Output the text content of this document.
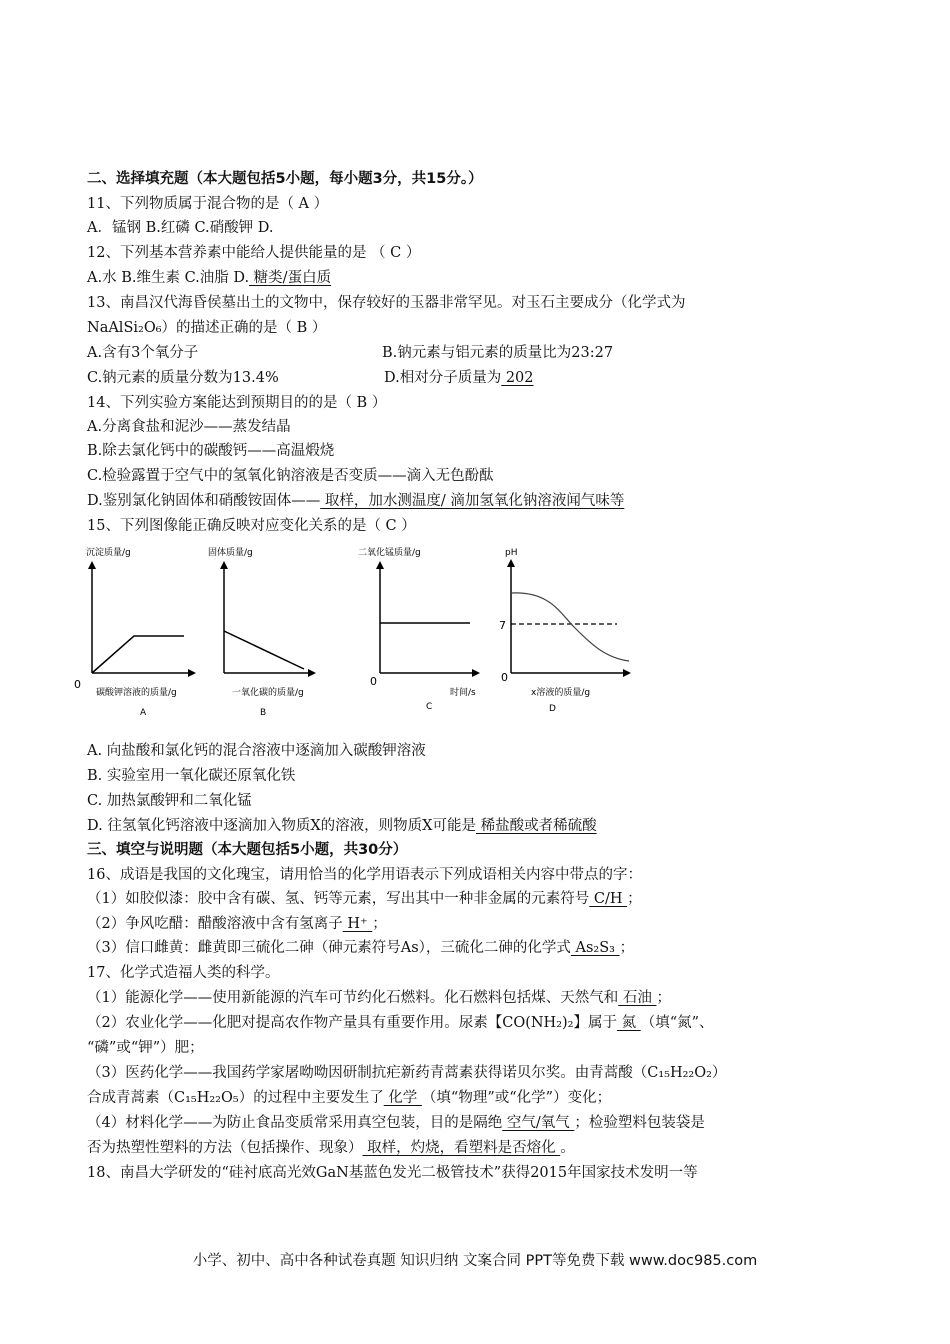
二、选择填充题（本大题包括5小题，每小题3分，共15分。）
11、下列物质属于混合物的是（ A ）
A．锰钢 B.红磷 C.硝酸钾 D.
12、下列基本营养素中能给人提供能量的是 （ C ）
A.水 B.维生素 C.油脂 D. 糖类/蛋白质
13、南昌汉代海昏侯墓出土的文物中，保存较好的玉器非常罕见。对玉石主要成分（化学式为
NaAlSi₂O₆）的描述正确的是（ B ）
A.含有3个氧分子	B.钠元素与铝元素的质量比为23:27
C.钠元素的质量分数为13.4%	D.相对分子质量为 202
14、下列实验方案能达到预期目的的是（ B ）
A.分离食盐和泥沙——蒸发结晶
B.除去氯化钙中的碳酸钙——高温煅烧
C.检验露置于空气中的氢氧化钠溶液是否变质——滴入无色酚酞
D.鉴别氯化钠固体和硝酸铵固体—— 取样，加水测温度/ 滴加氢氧化钠溶液闻气味等
15、下列图像能正确反映对应变化关系的是（ C ）
沉淀质量/g
0
碳酸钾溶液的质量/g
A
固体质量/g
一氧化碳的质量/g
B
二氧化锰质量/g
0
时间/s
C
pH
7
0
x溶液的质量/g
D
A. 向盐酸和氯化钙的混合溶液中逐滴加入碳酸钾溶液
B. 实验室用一氧化碳还原氧化铁
C. 加热氯酸钾和二氧化锰
D. 往氢氧化钙溶液中逐滴加入物质X的溶液，则物质X可能是 稀盐酸或者稀硫酸
三、填空与说明题（本大题包括5小题，共30分）
16、成语是我国的文化瑰宝，请用恰当的化学用语表示下列成语相关内容中带点的字：
（1）如胶似漆：胶中含有碳、氢、钙等元素，写出其中一种非金属的元素符号 C/H ；
（2）争风吃醋：醋酸溶液中含有氢离子 H⁺ ；
（3）信口雌黄：雌黄即三硫化二砷（砷元素符号As），三硫化二砷的化学式 As₂S₃ ；
17、化学式造福人类的科学。
（1）能源化学——使用新能源的汽车可节约化石燃料。化石燃料包括煤、天然气和 石油 ；
（2）农业化学——化肥对提高农作物产量具有重要作用。尿素【CO(NH₂)₂】属于 氮 （填“氮”、
“磷”或“钾”）肥；
（3）医药化学——我国药学家屠呦呦因研制抗疟新药青蒿素获得诺贝尔奖。由青蒿酸（C₁₅H₂₂O₂）
合成青蒿素（C₁₅H₂₂O₅）的过程中主要发生了 化学 （填“物理”或“化学”）变化；
（4）材料化学——为防止食品变质常采用真空包装，目的是隔绝 空气/氧气 ；检验塑料包装袋是
否为热塑性塑料的方法（包括操作、现象） 取样，灼烧，看塑料是否熔化 。
18、南昌大学研发的“硅衬底高光效GaN基蓝色发光二极管技术”获得2015年国家技术发明一等
小学、初中、高中各种试卷真题 知识归纳 文案合同 PPT等免费下载 www.doc985.com
